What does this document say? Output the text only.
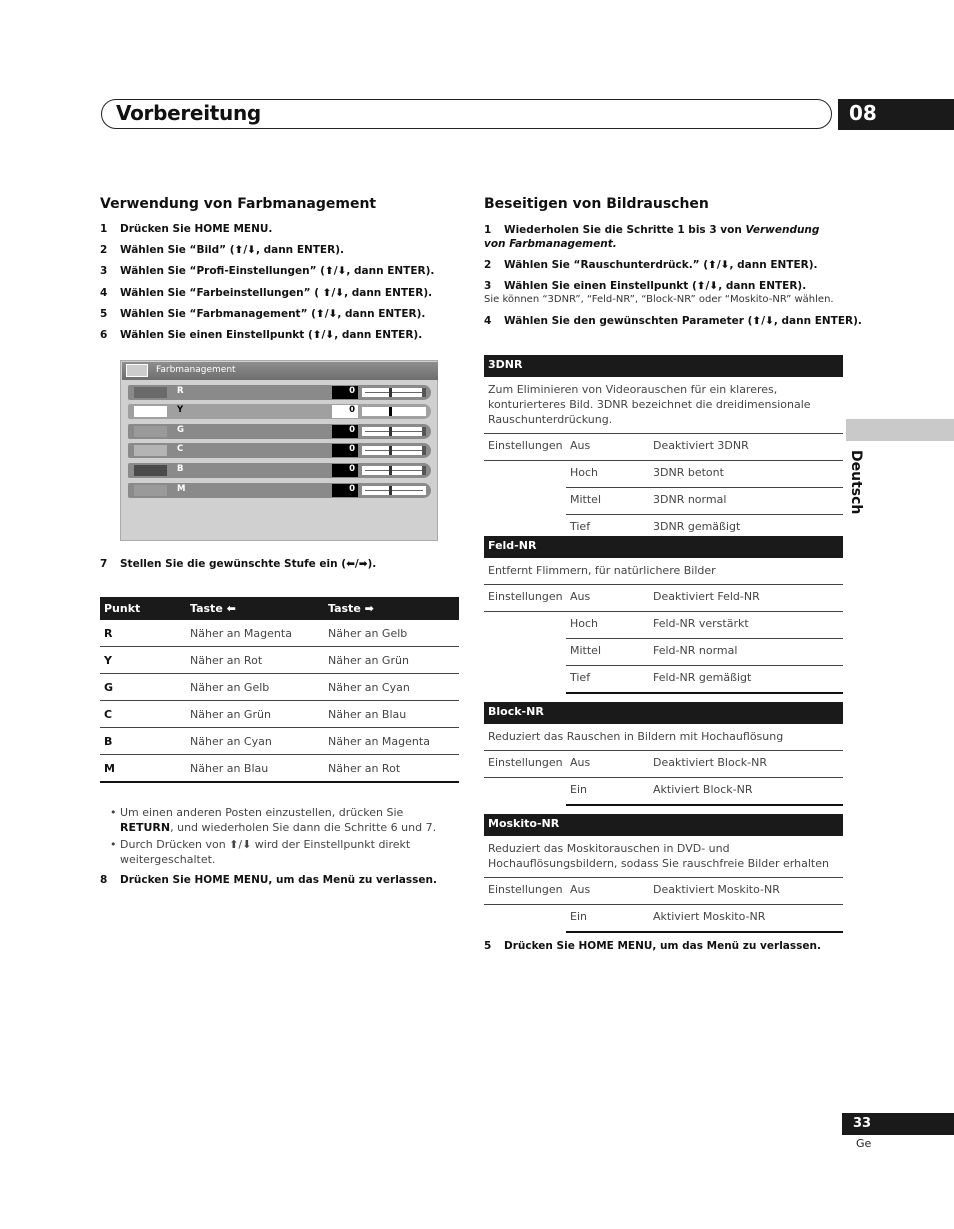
Vorbereitung	08
Deutsch
Verwendung von Farbmanagement
1 Drücken Sie HOME MENU.
2 Wählen Sie “Bild” (⬆/⬇, dann ENTER).
3 Wählen Sie “Profi-Einstellungen” (⬆/⬇, dann ENTER).
4 Wählen Sie “Farbeinstellungen” ( ⬆/⬇, dann ENTER).
5 Wählen Sie “Farbmanagement” (⬆/⬇, dann ENTER).
6 Wählen Sie einen Einstellpunkt (⬆/⬇, dann ENTER).
Farbmanagement
R	0
Y	0
G	0
C	0
B	0
M	0
7 Stellen Sie die gewünschte Stufe ein (⬅/➡).
Punkt	Taste ⬅	Taste ➡
R	Näher an Magenta	Näher an Gelb
Y	Näher an Rot	Näher an Grün
G	Näher an Gelb	Näher an Cyan
C	Näher an Grün	Näher an Blau
B	Näher an Cyan	Näher an Magenta
M	Näher an Blau	Näher an Rot
• Um einen anderen Posten einzustellen, drücken Sie RETURN, und wiederholen Sie dann die Schritte 6 und 7.
• Durch Drücken von ⬆/⬇ wird der Einstellpunkt direkt weitergeschaltet.
8 Drücken Sie HOME MENU, um das Menü zu verlassen.
Beseitigen von Bildrauschen
1 Wiederholen Sie die Schritte 1 bis 3 von Verwendung von Farbmanagement.
2 Wählen Sie “Rauschunterdrück.” (⬆/⬇, dann ENTER).
3 Wählen Sie einen Einstellpunkt (⬆/⬇, dann ENTER).
Sie können “3DNR”, “Feld-NR”, “Block-NR” oder “Moskito-NR” wählen.
4 Wählen Sie den gewünschten Parameter (⬆/⬇, dann ENTER).
3DNR
Zum Eliminieren von Videorauschen für ein klareres, konturierteres Bild. 3DNR bezeichnet die dreidimensionale Rauschunterdrückung.
Einstellungen Aus	Deaktiviert 3DNR
Hoch	3DNR betont
Mittel	3DNR normal
Tief	3DNR gemäßigt
Feld-NR
Entfernt Flimmern, für natürlichere Bilder
Einstellungen Aus	Deaktiviert Feld-NR
Hoch	Feld-NR verstärkt
Mittel	Feld-NR normal
Tief	Feld-NR gemäßigt
Block-NR
Reduziert das Rauschen in Bildern mit Hochauflösung
Einstellungen Aus	Deaktiviert Block-NR
Ein	Aktiviert Block-NR
Moskito-NR
Reduziert das Moskitorauschen in DVD- und Hochauflösungsbildern, sodass Sie rauschfreie Bilder erhalten
Einstellungen Aus	Deaktiviert Moskito-NR
Ein	Aktiviert Moskito-NR
5 Drücken Sie HOME MENU, um das Menü zu verlassen.
33
Ge
